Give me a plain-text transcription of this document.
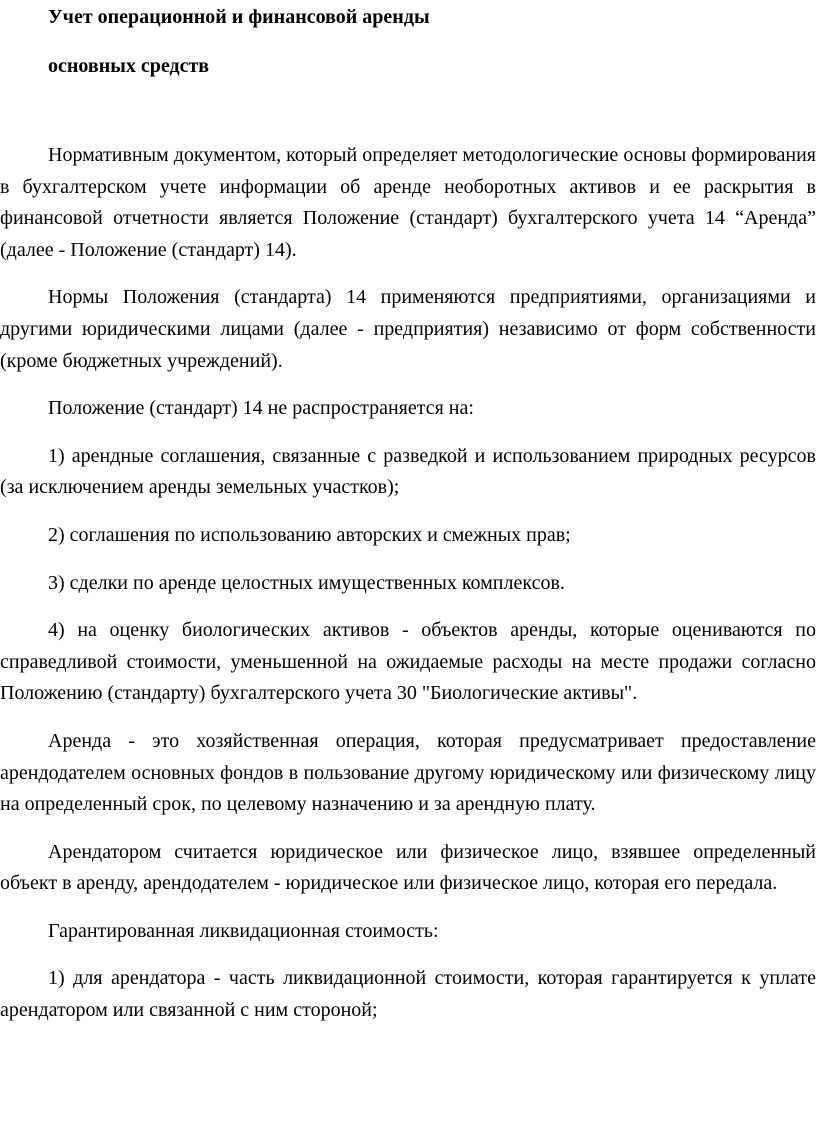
Учет операционной и финансовой аренды
основных средств

Нормативным документом, который определяет методологические основы формирования в бухгалтерском учете информации об аренде необоротных активов и ее раскрытия в финансовой отчетности является Положение (стандарт) бухгалтерского учета 14 “Аренда” (далее - Положение (стандарт) 14).

Нормы Положения (стандарта) 14 применяются предприятиями, организациями и другими юридическими лицами (далее - предприятия) независимо от форм собственности (кроме бюджетных учреждений).

Положение (стандарт) 14 не распространяется на:

1) арендные соглашения, связанные с разведкой и использованием природных ресурсов (за исключением аренды земельных участков);

2) соглашения по использованию авторских и смежных прав;

3) сделки по аренде целостных имущественных комплексов.

4) на оценку биологических активов - объектов аренды, которые оцениваются по справедливой стоимости, уменьшенной на ожидаемые расходы на месте продажи согласно Положению (стандарту) бухгалтерского учета 30 "Биологические активы".

Аренда - это хозяйственная операция, которая предусматривает предоставление арендодателем основных фондов в пользование другому юридическому или физическому лицу на определенный срок, по целевому назначению и за арендную плату.

Арендатором считается юридическое или физическое лицо, взявшее определенный объект в аренду, арендодателем - юридическое или физическое лицо, которая его передала.

Гарантированная ликвидационная стоимость:

1) для арендатора - часть ликвидационной стоимости, которая гарантируется к уплате арендатором или связанной с ним стороной;
